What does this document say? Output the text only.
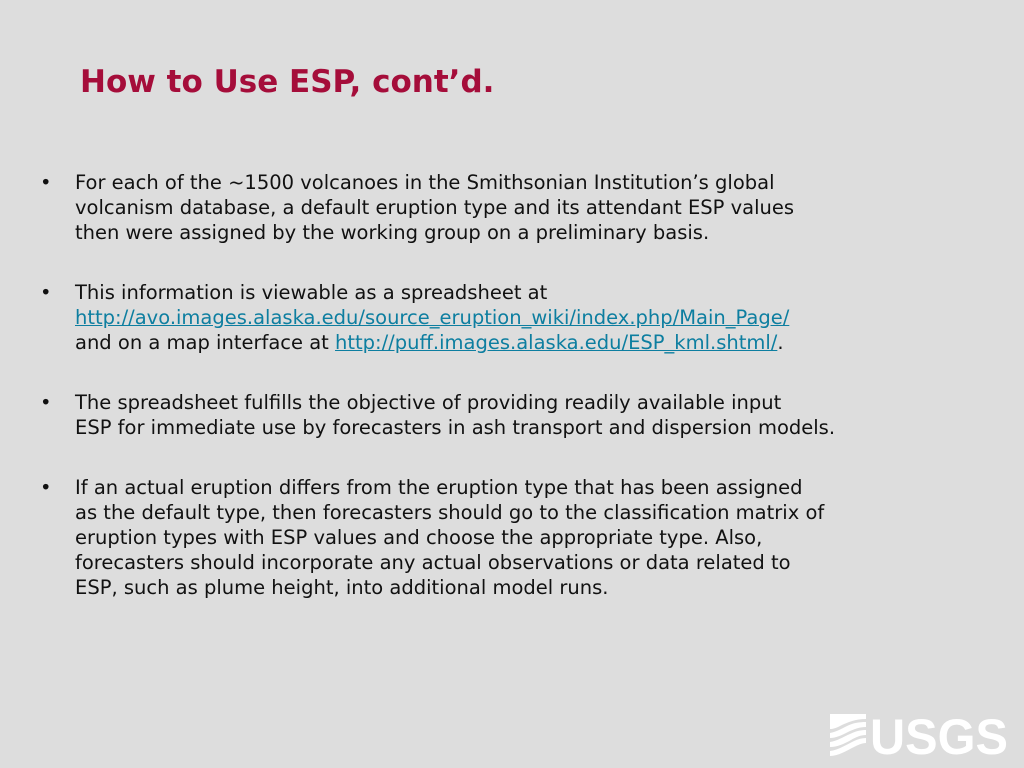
How to Use ESP, cont’d.
•	For each of the ~1500 volcanoes in the Smithsonian Institution’s global
volcanism database, a default eruption type and its attendant ESP values
then were assigned by the working group on a preliminary basis.
•	This information is viewable as a spreadsheet at
http://avo.images.alaska.edu/source_eruption_wiki/index.php/Main_Page/
and on a map interface at http://puff.images.alaska.edu/ESP_kml.shtml/.
•	The spreadsheet fulfills the objective of providing readily available input
ESP for immediate use by forecasters in ash transport and dispersion models.
•	If an actual eruption differs from the eruption type that has been assigned
as the default type, then forecasters should go to the classification matrix of
eruption types with ESP values and choose the appropriate type. Also,
forecasters should incorporate any actual observations or data related to
ESP, such as plume height, into additional model runs.
USGS
